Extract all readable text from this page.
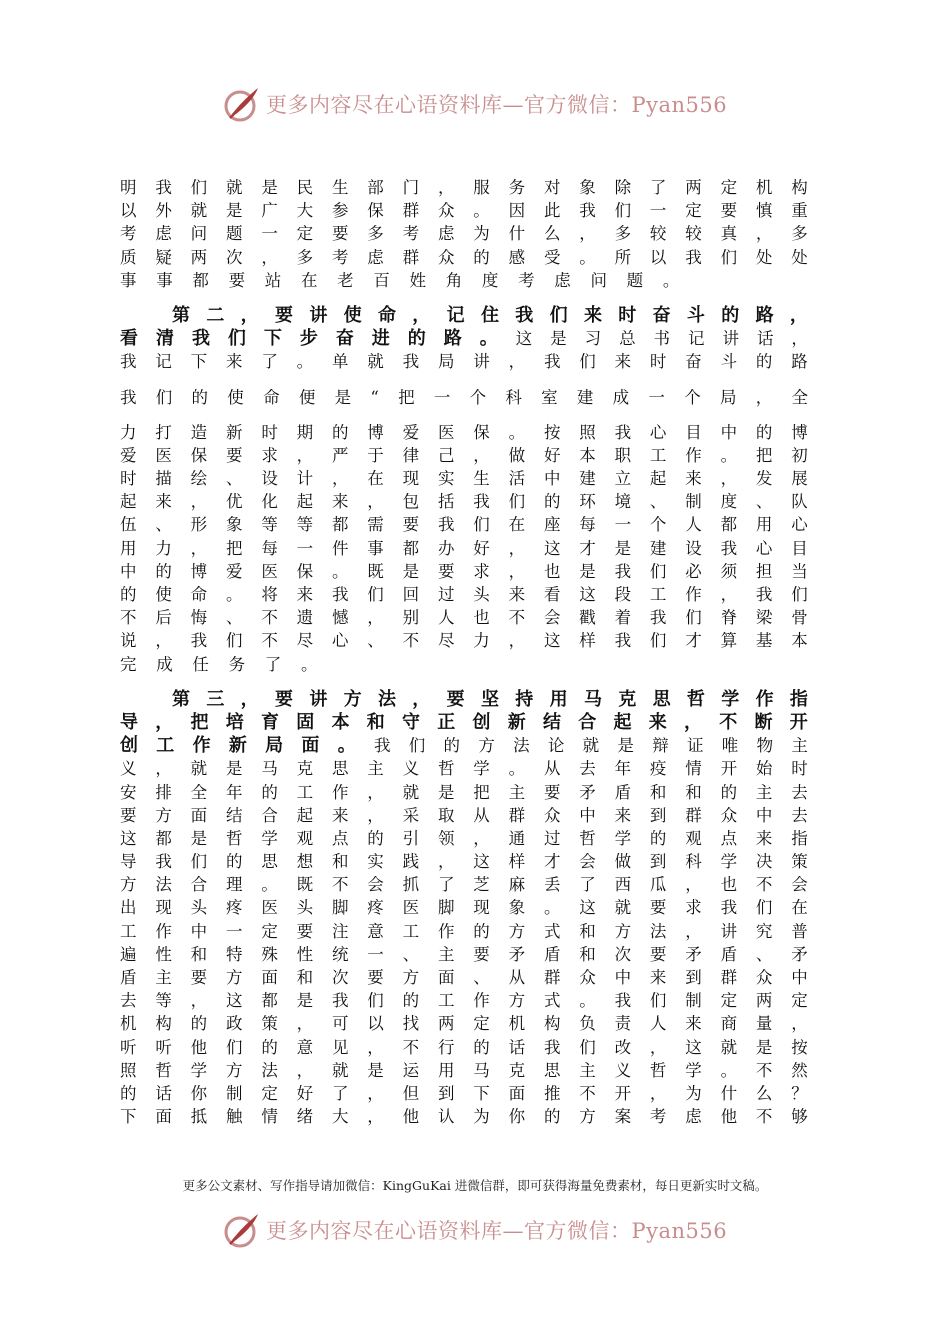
更多内容尽在心语资料库—官方微信：Pyan556
明 我 们 就 是 民 生 部 门 ， 服 务 对 象 除 了 两 定 机 构
以 外 就 是 广 大 参 保 群 众 。 因 此 我 们 一 定 要 慎 重
考 虑 问 题 一 定 要 多 考 虑 为 什 么 ， 多 较 较 真 ， 多
质 疑 两 次 ， 多 考 虑 群 众 的 感 受 。 所 以 我 们 处 处
事 事 都 要 站 在 老 百 姓 角 度 考 虑 问 题 。
第 二 ， 要 讲 使 命 ， 记 住 我 们 来 时 奋 斗 的 路 ，
看 清 我 们 下 步 奋 进 的 路 。 这 是 习 总 书 记 讲 话 ，
我 记 下 来 了 。 单 就 我 局 讲 ， 我 们 来 时 奋 斗 的 路
我 们 的 使 命 便 是 “ 把 一 个 科 室 建 成 一 个 局 ， 全
力 打 造 新 时 期 的 博 爱 医 保 。 按 照 我 心 目 中 的 博
爱 医 保 要 求 ， 严 于 律 己 ， 做 好 本 职 工 作 。 把 初
时 描 绘 、 设 计 ， 在 现 实 生 活 中 建 立 起 来 ， 发 展
起 来 ， 优 化 起 来 ， 包 括 我 们 的 环 境 、 制 度 、 队
伍 、 形 象 等 等 都 需 要 我 们 在 座 每 一 个 人 都 用 心
用 力 ， 把 每 一 件 事 都 办 好 ， 这 才 是 建 设 我 心 目
中 的 博 爱 医 保 。 既 是 要 求 ， 也 是 我 们 必 须 担 当
的 使 命 。 将 来 我 们 回 过 头 来 看 这 段 工 作 ， 我 们
不 后 悔 、 不 遗 憾 ， 别 人 也 不 会 戳 着 我 们 脊 梁 骨
说 ， 我 们 不 尽 心 、 不 尽 力 ， 这 样 我 们 才 算 基 本
完 成 任 务 了 。
第 三 ， 要 讲 方 法 ， 要 坚 持 用 马 克 思 哲 学 作 指
导 ， 把 培 育 固 本 和 守 正 创 新 结 合 起 来 ， 不 断 开
创 工 作 新 局 面 。 我 们 的 方 法 论 就 是 辩 证 唯 物 主
义 ， 就 是 马 克 思 主 义 哲 学 。 从 去 年 疫 情 开 始 时
安 排 全 年 的 工 作 ， 就 是 把 主 要 矛 盾 和 和 的 主 去
要 方 面 结 合 起 来 ， 采 取 从 群 众 中 来 到 群 众 中 去
这 都 是 哲 学 观 点 的 引 领 ， 通 过 哲 学 的 观 点 来 指
导 我 们 的 思 想 和 实 践 ， 这 样 才 会 做 到 科 学 决 策
方 法 合 理 。 既 不 会 抓 了 芝 麻 丢 了 西 瓜 ， 也 不 会
出 现 头 疼 医 头 脚 疼 医 脚 现 象 。 这 就 要 求 我 们 在
工 作 中 一 定 要 注 意 工 作 的 方 式 和 方 法 ， 讲 究 普
遍 性 和 特 殊 性 统 一 、 主 要 矛 盾 和 次 要 矛 盾 、 矛
盾 主 要 方 面 和 次 要 方 面 、 从 群 众 中 来 到 群 众 中
去 等 ， 这 都 是 我 们 的 工 作 方 式 。 我 们 制 定 两 定
机 构 的 政 策 ， 可 以 找 两 定 机 构 负 责 人 来 商 量 ，
听 听 他 们 的 意 见 ， 不 行 的 话 我 们 改 ， 这 就 是 按
照 哲 学 方 法 ， 就 是 运 用 马 克 思 主 义 哲 学 。 不 然
的 话 你 制 定 好 了 ， 但 到 下 面 推 不 开 ， 为 什 么 ？
下 面 抵 触 情 绪 大 ， 他 认 为 你 的 方 案 考 虑 他 不 够
更多公文素材、写作指导请加微信：KingGuKai 进微信群，即可获得海量免费素材，每日更新实时文稿。
更多内容尽在心语资料库—官方微信：Pyan556
